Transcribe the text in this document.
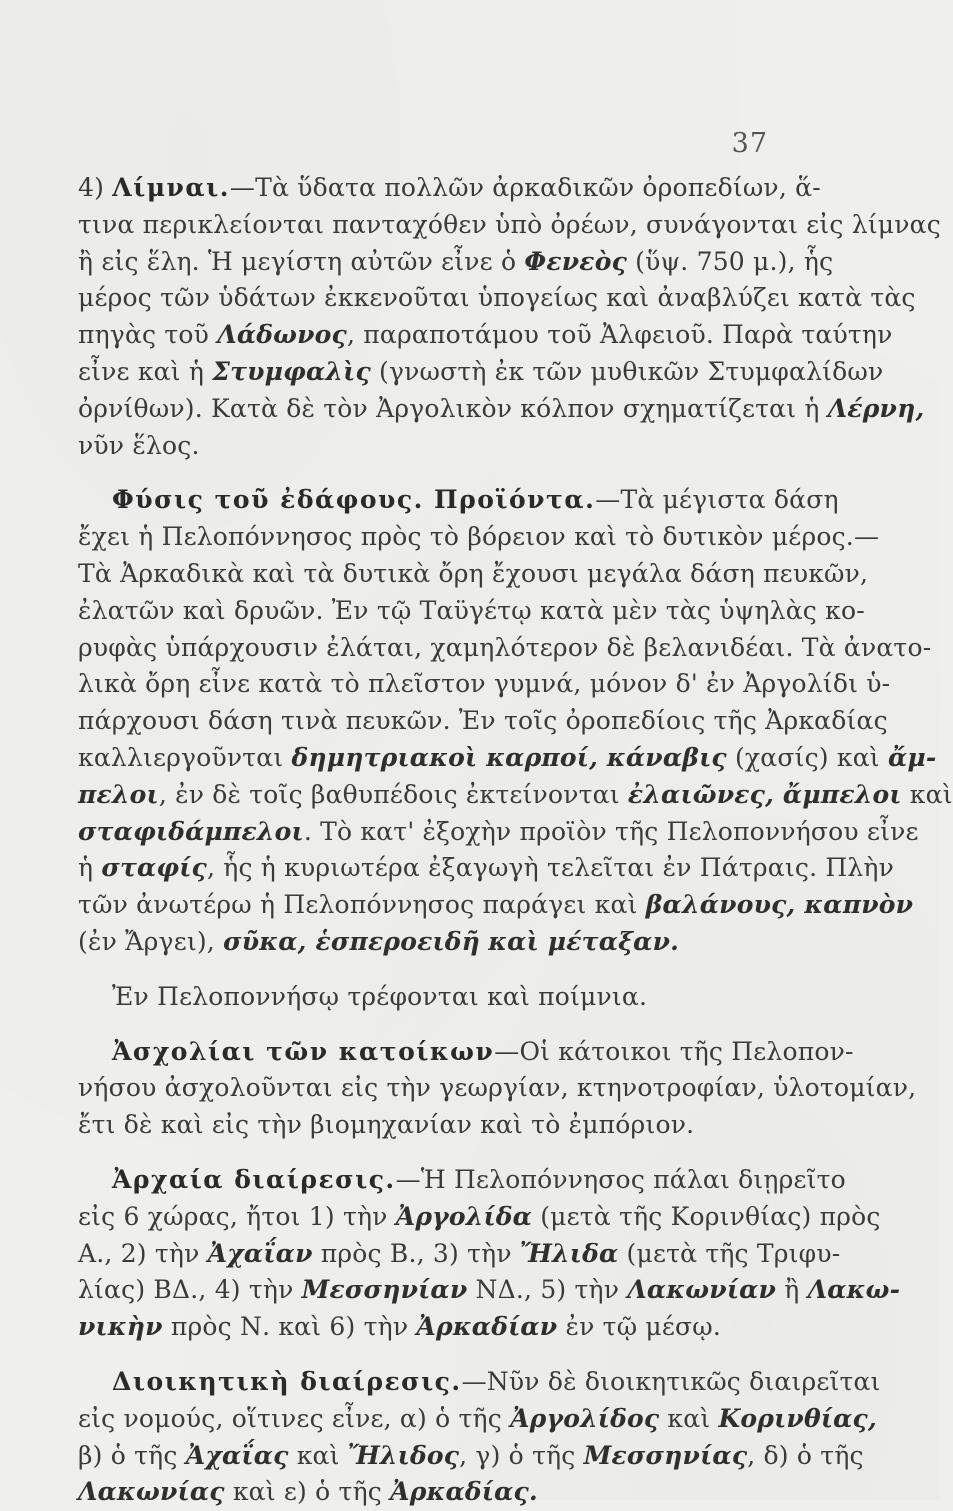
37
4) Λίμναι.—Τὰ ὕδατα πολλῶν ἀρκαδικῶν ὀροπεδίων, ἅ-
τινα περικλείονται πανταχόθεν ὑπὸ ὀρέων, συνάγονται εἰς λίμνας
ἢ εἰς ἕλη. Ἡ μεγίστη αὐτῶν εἶνε ὁ Φενεὸς (ὕψ. 750 μ.), ἧς
μέρος τῶν ὑδάτων ἐκκενοῦται ὑπογείως καὶ ἀναβλύζει κατὰ τὰς
πηγὰς τοῦ Λάδωνος, παραποτάμου τοῦ Ἀλφειοῦ. Παρὰ ταύτην
εἶνε καὶ ἡ Στυμφαλὶς (γνωστὴ ἐκ τῶν μυθικῶν Στυμφαλίδων
ὀρνίθων). Κατὰ δὲ τὸν Ἀργολικὸν κόλπον σχηματίζεται ἡ Λέρνη,
νῦν ἕλος.
Φύσις τοῦ ἐδάφους. Προϊόντα.—Τὰ μέγιστα δάση
ἔχει ἡ Πελοπόννησος πρὸς τὸ βόρειον καὶ τὸ δυτικὸν μέρος.—
Τὰ Ἀρκαδικὰ καὶ τὰ δυτικὰ ὄρη ἔχουσι μεγάλα δάση πευκῶν,
ἐλατῶν καὶ δρυῶν. Ἐν τῷ Ταϋγέτῳ κατὰ μὲν τὰς ὑψηλὰς κο-
ρυφὰς ὑπάρχουσιν ἐλάται, χαμηλότερον δὲ βελανιδέαι. Τὰ ἀνατο-
λικὰ ὄρη εἶνε κατὰ τὸ πλεῖστον γυμνά, μόνον δ' ἐν Ἀργολίδι ὑ-
πάρχουσι δάση τινὰ πευκῶν. Ἐν τοῖς ὀροπεδίοις τῆς Ἀρκαδίας
καλλιεργοῦνται δημητριακοὶ καρποί, κάναβις (χασίς) καὶ ἄμ-
πελοι, ἐν δὲ τοῖς βαθυπέδοις ἐκτείνονται ἐλαιῶνες, ἄμπελοι καὶ
σταφιδάμπελοι. Τὸ κατ' ἐξοχὴν προϊὸν τῆς Πελοποννήσου εἶνε
ἡ σταφίς, ἧς ἡ κυριωτέρα ἐξαγωγὴ τελεῖται ἐν Πάτραις. Πλὴν
τῶν ἀνωτέρω ἡ Πελοπόννησος παράγει καὶ βαλάνους, καπνὸν
(ἐν Ἄργει), σῦκα, ἑσπεροειδῆ καὶ μέταξαν.
Ἐν Πελοποννήσῳ τρέφονται καὶ ποίμνια.
Ἀσχολίαι τῶν κατοίκων—Οἱ κάτοικοι τῆς Πελοπον-
νήσου ἀσχολοῦνται εἰς τὴν γεωργίαν, κτηνοτροφίαν, ὑλοτομίαν,
ἔτι δὲ καὶ εἰς τὴν βιομηχανίαν καὶ τὸ ἐμπόριον.
Ἀρχαία διαίρεσις.—Ἡ Πελοπόννησος πάλαι διῃρεῖτο
εἰς 6 χώρας, ἤτοι 1) τὴν Ἀργολίδα (μετὰ τῆς Κορινθίας) πρὸς
Α., 2) τὴν Ἀχαΐαν πρὸς Β., 3) τὴν Ἤλιδα (μετὰ τῆς Τριφυ-
λίας) ΒΔ., 4) τὴν Μεσσηνίαν ΝΔ., 5) τὴν Λακωνίαν ἢ Λακω-
νικὴν πρὸς Ν. καὶ 6) τὴν Ἀρκαδίαν ἐν τῷ μέσῳ.
Διοικητικὴ διαίρεσις.—Νῦν δὲ διοικητικῶς διαιρεῖται
εἰς νομούς, οἵτινες εἶνε, α) ὁ τῆς Ἀργολίδος καὶ Κορινθίας,
β) ὁ τῆς Ἀχαΐας καὶ Ἤλιδος, γ) ὁ τῆς Μεσσηνίας, δ) ὁ τῆς
Λακωνίας καὶ ε) ὁ τῆς Ἀρκαδίας.
